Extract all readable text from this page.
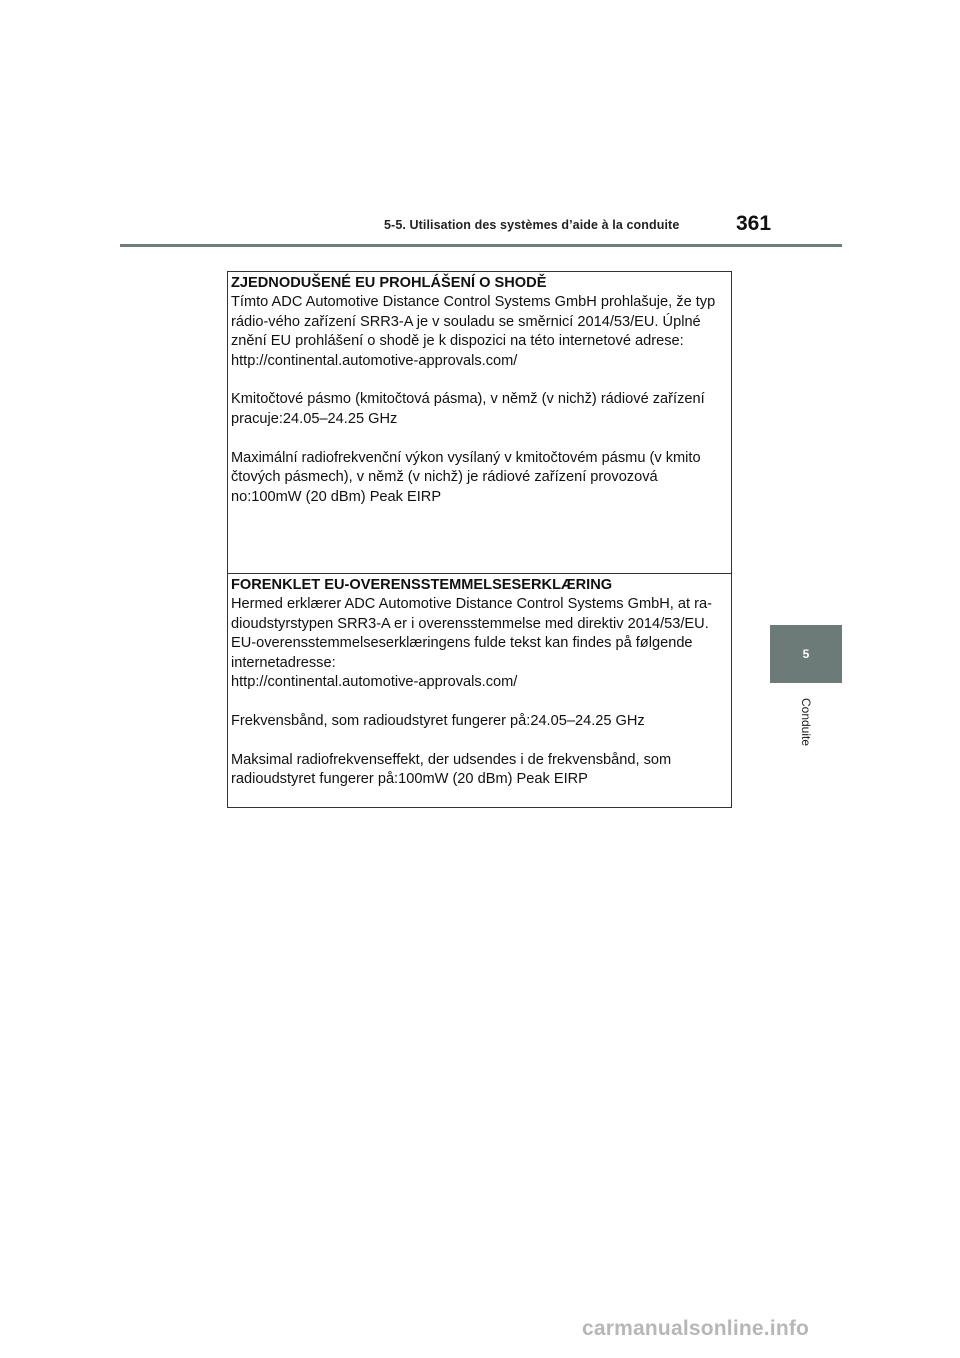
5-5. Utilisation des systèmes d’aide à la conduite	361
5
Conduite

ZJEDNODUŠENÉ EU PROHLÁŠENÍ O SHODĚ

Tímto ADC Automotive Distance Control Systems GmbH prohlašuje, že typ rádio-vého zařízení SRR3-A je v souladu se směrnicí 2014/53/EU. Úplné znění EU prohlášení o shodě je k dispozici na této internetové adrese:
http://continental.automotive-approvals.com/

Kmitočtové pásmo (kmitočtová pásma), v němž (v nichž) rádiové zařízení pracuje:24.05–24.25 GHz

Maximální radiofrekvenční výkon vysílaný v kmitočtovém pásmu (v kmito čtových pásmech), v němž (v nichž) je rádiové zařízení provozová no:100mW (20 dBm) Peak EIRP

FORENKLET EU-OVERENSSTEMMELSESERKLÆRING

Hermed erklærer ADC Automotive Distance Control Systems GmbH, at ra-dioudstyrstypen SRR3-A er i overensstemmelse med direktiv 2014/53/EU. EU-overensstemmelseserklæringens fulde tekst kan findes på følgende internetadresse:
http://continental.automotive-approvals.com/

Frekvensbånd, som radioudstyret fungerer på:24.05–24.25 GHz

Maksimal radiofrekvenseffekt, der udsendes i de frekvensbånd, som radioudstyret fungerer på:100mW (20 dBm) Peak EIRP

carmanualsonline.info
